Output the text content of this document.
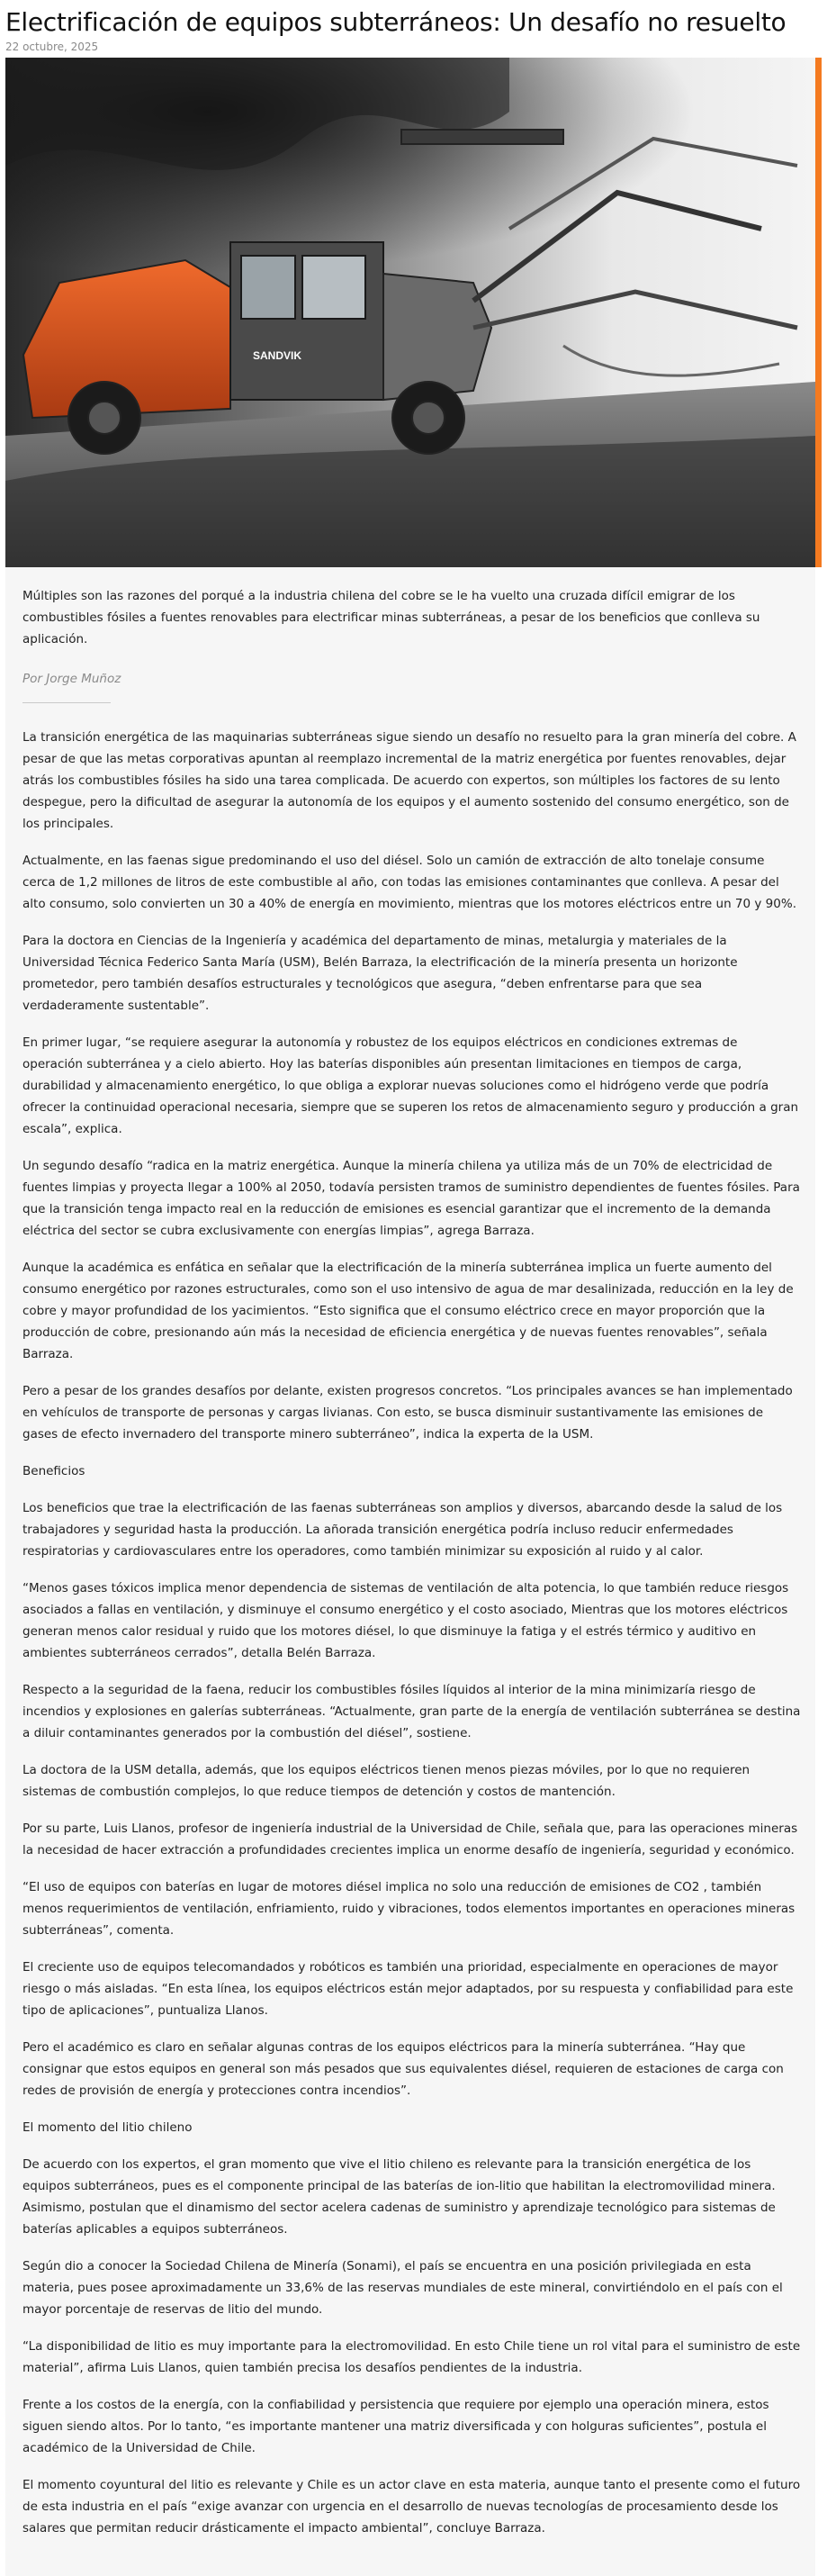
Electrificación de equipos subterráneos: Un desafío no resuelto
22 octubre, 2025
SANDVIK

Múltiples son las razones del porqué a la industria chilena del cobre se le ha vuelto una cruzada difícil emigrar de los combustibles fósiles a fuentes renovables para electrificar minas subterráneas, a pesar de los beneficios que conlleva su aplicación.

Por Jorge Muñoz

La transición energética de las maquinarias subterráneas sigue siendo un desafío no resuelto para la gran minería del cobre. A pesar de que las metas corporativas apuntan al reemplazo incremental de la matriz energética por fuentes renovables, dejar atrás los combustibles fósiles ha sido una tarea complicada. De acuerdo con expertos, son múltiples los factores de su lento despegue, pero la dificultad de asegurar la autonomía de los equipos y el aumento sostenido del consumo energético, son de los principales.

Actualmente, en las faenas sigue predominando el uso del diésel. Solo un camión de extracción de alto tonelaje consume cerca de 1,2 millones de litros de este combustible al año, con todas las emisiones contaminantes que conlleva. A pesar del alto consumo, solo convierten un 30 a 40% de energía en movimiento, mientras que los motores eléctricos entre un 70 y 90%.

Para la doctora en Ciencias de la Ingeniería y académica del departamento de minas, metalurgia y materiales de la Universidad Técnica Federico Santa María (USM), Belén Barraza, la electrificación de la minería presenta un horizonte prometedor, pero también desafíos estructurales y tecnológicos que asegura, “deben enfrentarse para que sea verdaderamente sustentable”.

En primer lugar, “se requiere asegurar la autonomía y robustez de los equipos eléctricos en condiciones extremas de operación subterránea y a cielo abierto. Hoy las baterías disponibles aún presentan limitaciones en tiempos de carga, durabilidad y almacenamiento energético, lo que obliga a explorar nuevas soluciones como el hidrógeno verde que podría ofrecer la continuidad operacional necesaria, siempre que se superen los retos de almacenamiento seguro y producción a gran escala”, explica.

Un segundo desafío “radica en la matriz energética. Aunque la minería chilena ya utiliza más de un 70% de electricidad de fuentes limpias y proyecta llegar a 100% al 2050, todavía persisten tramos de suministro dependientes de fuentes fósiles. Para que la transición tenga impacto real en la reducción de emisiones es esencial garantizar que el incremento de la demanda eléctrica del sector se cubra exclusivamente con energías limpias”, agrega Barraza.

Aunque la académica es enfática en señalar que la electrificación de la minería subterránea implica un fuerte aumento del consumo energético por razones estructurales, como son el uso intensivo de agua de mar desalinizada, reducción en la ley de cobre y mayor profundidad de los yacimientos. “Esto significa que el consumo eléctrico crece en mayor proporción que la producción de cobre, presionando aún más la necesidad de eficiencia energética y de nuevas fuentes renovables”, señala Barraza.

Pero a pesar de los grandes desafíos por delante, existen progresos concretos. “Los principales avances se han implementado en vehículos de transporte de personas y cargas livianas. Con esto, se busca disminuir sustantivamente las emisiones de gases de efecto invernadero del transporte minero subterráneo”, indica la experta de la USM.

Beneficios

Los beneficios que trae la electrificación de las faenas subterráneas son amplios y diversos, abarcando desde la salud de los trabajadores y seguridad hasta la producción. La añorada transición energética podría incluso reducir enfermedades respiratorias y cardiovasculares entre los operadores, como también minimizar su exposición al ruido y al calor.

“Menos gases tóxicos implica menor dependencia de sistemas de ventilación de alta potencia, lo que también reduce riesgos asociados a fallas en ventilación, y disminuye el consumo energético y el costo asociado, Mientras que los motores eléctricos generan menos calor residual y ruido que los motores diésel, lo que disminuye la fatiga y el estrés térmico y auditivo en ambientes subterráneos cerrados”, detalla Belén Barraza.

Respecto a la seguridad de la faena, reducir los combustibles fósiles líquidos al interior de la mina minimizaría riesgo de incendios y explosiones en galerías subterráneas. “Actualmente, gran parte de la energía de ventilación subterránea se destina a diluir contaminantes generados por la combustión del diésel”, sostiene.

La doctora de la USM detalla, además, que los equipos eléctricos tienen menos piezas móviles, por lo que no requieren sistemas de combustión complejos, lo que reduce tiempos de detención y costos de mantención.

Por su parte, Luis Llanos, profesor de ingeniería industrial de la Universidad de Chile, señala que, para las operaciones mineras la necesidad de hacer extracción a profundidades crecientes implica un enorme desafío de ingeniería, seguridad y económico.

“El uso de equipos con baterías en lugar de motores diésel implica no solo una reducción de emisiones de CO2 , también menos requerimientos de ventilación, enfriamiento, ruido y vibraciones, todos elementos importantes en operaciones mineras subterráneas”, comenta.

El creciente uso de equipos telecomandados y robóticos es también una prioridad, especialmente en operaciones de mayor riesgo o más aisladas. “En esta línea, los equipos eléctricos están mejor adaptados, por su respuesta y confiabilidad para este tipo de aplicaciones”, puntualiza Llanos.

Pero el académico es claro en señalar algunas contras de los equipos eléctricos para la minería subterránea. “Hay que consignar que estos equipos en general son más pesados que sus equivalentes diésel, requieren de estaciones de carga con redes de provisión de energía y protecciones contra incendios”.

El momento del litio chileno

De acuerdo con los expertos, el gran momento que vive el litio chileno es relevante para la transición energética de los equipos subterráneos, pues es el componente principal de las baterías de ion-litio que habilitan la electromovilidad minera. Asimismo, postulan que el dinamismo del sector acelera cadenas de suministro y aprendizaje tecnológico para sistemas de baterías aplicables a equipos subterráneos.

Según dio a conocer la Sociedad Chilena de Minería (Sonami), el país se encuentra en una posición privilegiada en esta materia, pues posee aproximadamente un 33,6% de las reservas mundiales de este mineral, convirtiéndolo en el país con el mayor porcentaje de reservas de litio del mundo.

“La disponibilidad de litio es muy importante para la electromovilidad. En esto Chile tiene un rol vital para el suministro de este material”, afirma Luis Llanos, quien también precisa los desafíos pendientes de la industria.

Frente a los costos de la energía, con la confiabilidad y persistencia que requiere por ejemplo una operación minera, estos siguen siendo altos. Por lo tanto, “es importante mantener una matriz diversificada y con holguras suficientes”, postula el académico de la Universidad de Chile.

El momento coyuntural del litio es relevante y Chile es un actor clave en esta materia, aunque tanto el presente como el futuro de esta industria en el país “exige avanzar con urgencia en el desarrollo de nuevas tecnologías de procesamiento desde los salares que permitan reducir drásticamente el impacto ambiental”, concluye Barraza.
